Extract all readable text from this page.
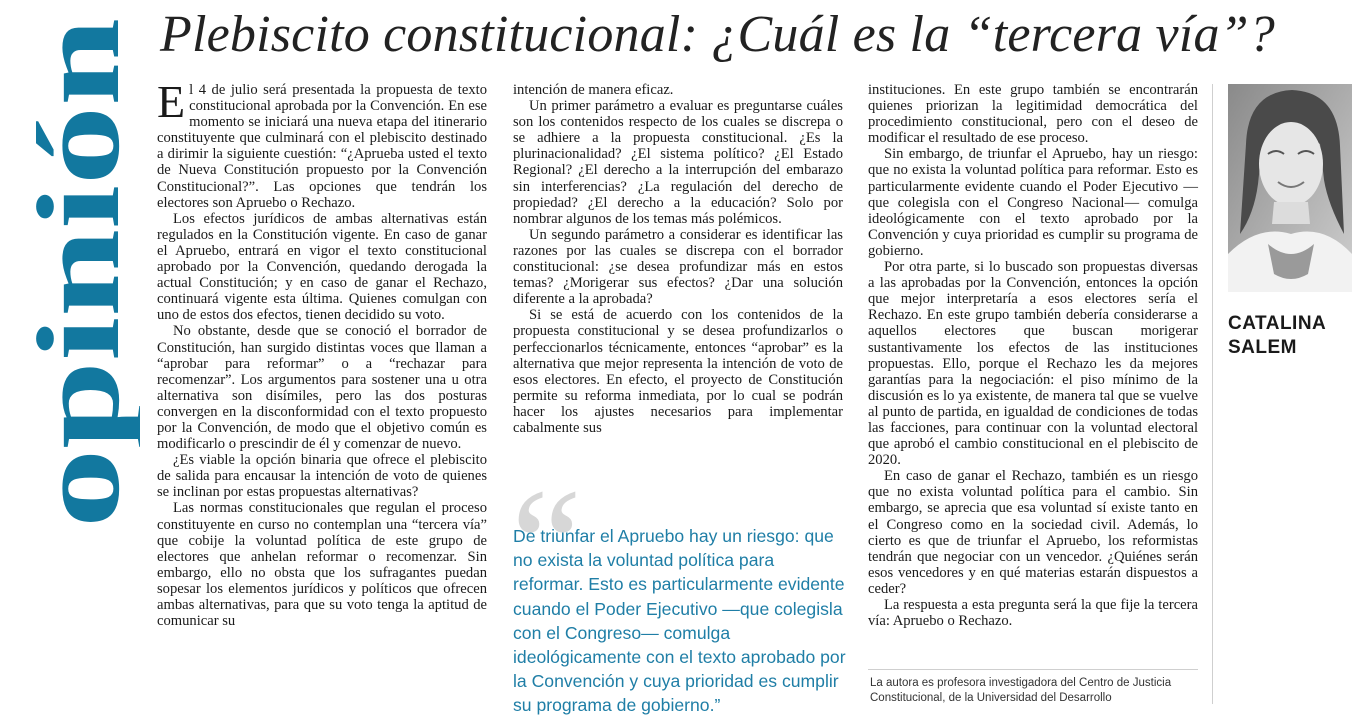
opinión
Plebiscito constitucional: ¿Cuál es la “tercera vía”?
E l 4 de julio será presentada la propuesta de texto constitucional aprobada por la Convención. En ese momento se iniciará una nueva etapa del itinerario constituyente que culminará con el plebiscito destinado a dirimir la siguiente cuestión: “¿Aprueba usted el texto de Nueva Constitución propuesto por la Convención Constitucional?”. Las opciones que tendrán los electores son Apruebo o Rechazo.

Los efectos jurídicos de ambas alternativas están regulados en la Constitución vigente. En caso de ganar el Apruebo, entrará en vigor el texto constitucional aprobado por la Convención, quedando derogada la actual Constitución; y en caso de ganar el Rechazo, continuará vigente esta última. Quienes comulgan con uno de estos dos efectos, tienen decidido su voto.

No obstante, desde que se conoció el borrador de Constitución, han surgido distintas voces que llaman a “aprobar para reformar” o a “rechazar para recomenzar”. Los argumentos para sostener una u otra alternativa son disímiles, pero las dos posturas convergen en la disconformidad con el texto propuesto por la Convención, de modo que el objetivo común es modificarlo o prescindir de él y comenzar de nuevo.

¿Es viable la opción binaria que ofrece el plebiscito de salida para encausar la intención de voto de quienes se inclinan por estas propuestas alternativas?

Las normas constitucionales que regulan el proceso constituyente en curso no contemplan una “tercera vía” que cobije la voluntad política de este grupo de electores que anhelan reformar o recomenzar. Sin embargo, ello no obsta que los sufragantes puedan sopesar los elementos jurídicos y políticos que ofrecen ambas alternativas, para que su voto tenga la aptitud de comunicar su

intención de manera eficaz.

Un primer parámetro a evaluar es preguntarse cuáles son los contenidos respecto de los cuales se discrepa o se adhiere a la propuesta constitucional. ¿Es la plurinacionalidad? ¿El sistema político? ¿El Estado Regional? ¿El derecho a la interrupción del embarazo sin interferencias? ¿La regulación del derecho de propiedad? ¿El derecho a la educación? Solo por nombrar algunos de los temas más polémicos.

Un segundo parámetro a considerar es identificar las razones por las cuales se discrepa con el borrador constitucional: ¿se desea profundizar más en estos temas? ¿Morigerar sus efectos? ¿Dar una solución diferente a la aprobada?

Si se está de acuerdo con los contenidos de la propuesta constitucional y se desea profundizarlos o perfeccionarlos técnicamente, entonces “aprobar” es la alternativa que mejor representa la intención de voto de esos electores. En efecto, el proyecto de Constitución permite su reforma inmediata, por lo cual se podrán hacer los ajustes necesarios para implementar cabalmente sus

“
De triunfar el Apruebo hay un riesgo: que no exista la voluntad política para reformar. Esto es particularmente evidente cuando el Poder Ejecutivo —que colegisla con el Congreso— comulga ideológicamente con el texto aprobado por la Convención y cuya prioridad es cumplir su programa de gobierno.”

instituciones. En este grupo también se encontrarán quienes priorizan la legitimidad democrática del procedimiento constitucional, pero con el deseo de modificar el resultado de ese proceso.

Sin embargo, de triunfar el Apruebo, hay un riesgo: que no exista la voluntad política para reformar. Esto es particularmente evidente cuando el Poder Ejecutivo —que colegisla con el Congreso Nacional— comulga ideológicamente con el texto aprobado por la Convención y cuya prioridad es cumplir su programa de gobierno.

Por otra parte, si lo buscado son propuestas diversas a las aprobadas por la Convención, entonces la opción que mejor interpretaría a esos electores sería el Rechazo. En este grupo también debería considerarse a aquellos electores que buscan morigerar sustantivamente los efectos de las instituciones propuestas. Ello, porque el Rechazo les da mejores garantías para la negociación: el piso mínimo de la discusión es lo ya existente, de manera tal que se vuelve al punto de partida, en igualdad de condiciones de todas las facciones, para continuar con la voluntad electoral que aprobó el cambio constitucional en el plebiscito de 2020.

En caso de ganar el Rechazo, también es un riesgo que no exista voluntad política para el cambio. Sin embargo, se aprecia que esa voluntad sí existe tanto en el Congreso como en la sociedad civil. Además, lo cierto es que de triunfar el Apruebo, los reformistas tendrán que negociar con un vencedor. ¿Quiénes serán esos vencedores y en qué materias estarán dispuestos a ceder?

La respuesta a esta pregunta será la que fije la tercera vía: Apruebo o Rechazo.

CATALINA
SALEM
La autora es profesora investigadora del Centro de Justicia Constitucional, de la Universidad del Desarrollo
